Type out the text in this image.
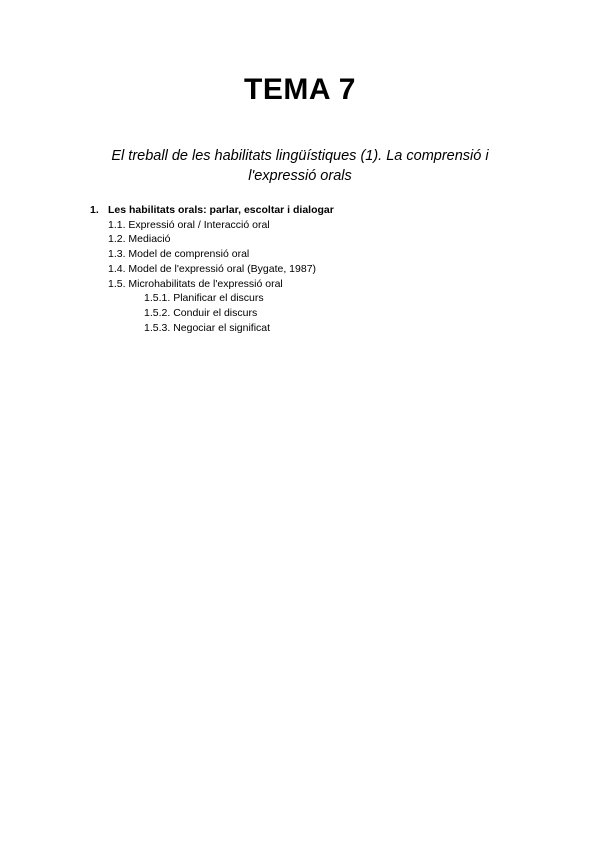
TEMA 7
El treball de les habilitats lingüístiques (1). La comprensió i
l'expressió orals
1. Les habilitats orals: parlar, escoltar i dialogar
1.1. Expressió oral / Interacció oral
1.2. Mediació
1.3. Model de comprensió oral
1.4. Model de l'expressió oral (Bygate, 1987)
1.5. Microhabilitats de l'expressió oral
1.5.1. Planificar el discurs
1.5.2. Conduir el discurs
1.5.3. Negociar el significat
